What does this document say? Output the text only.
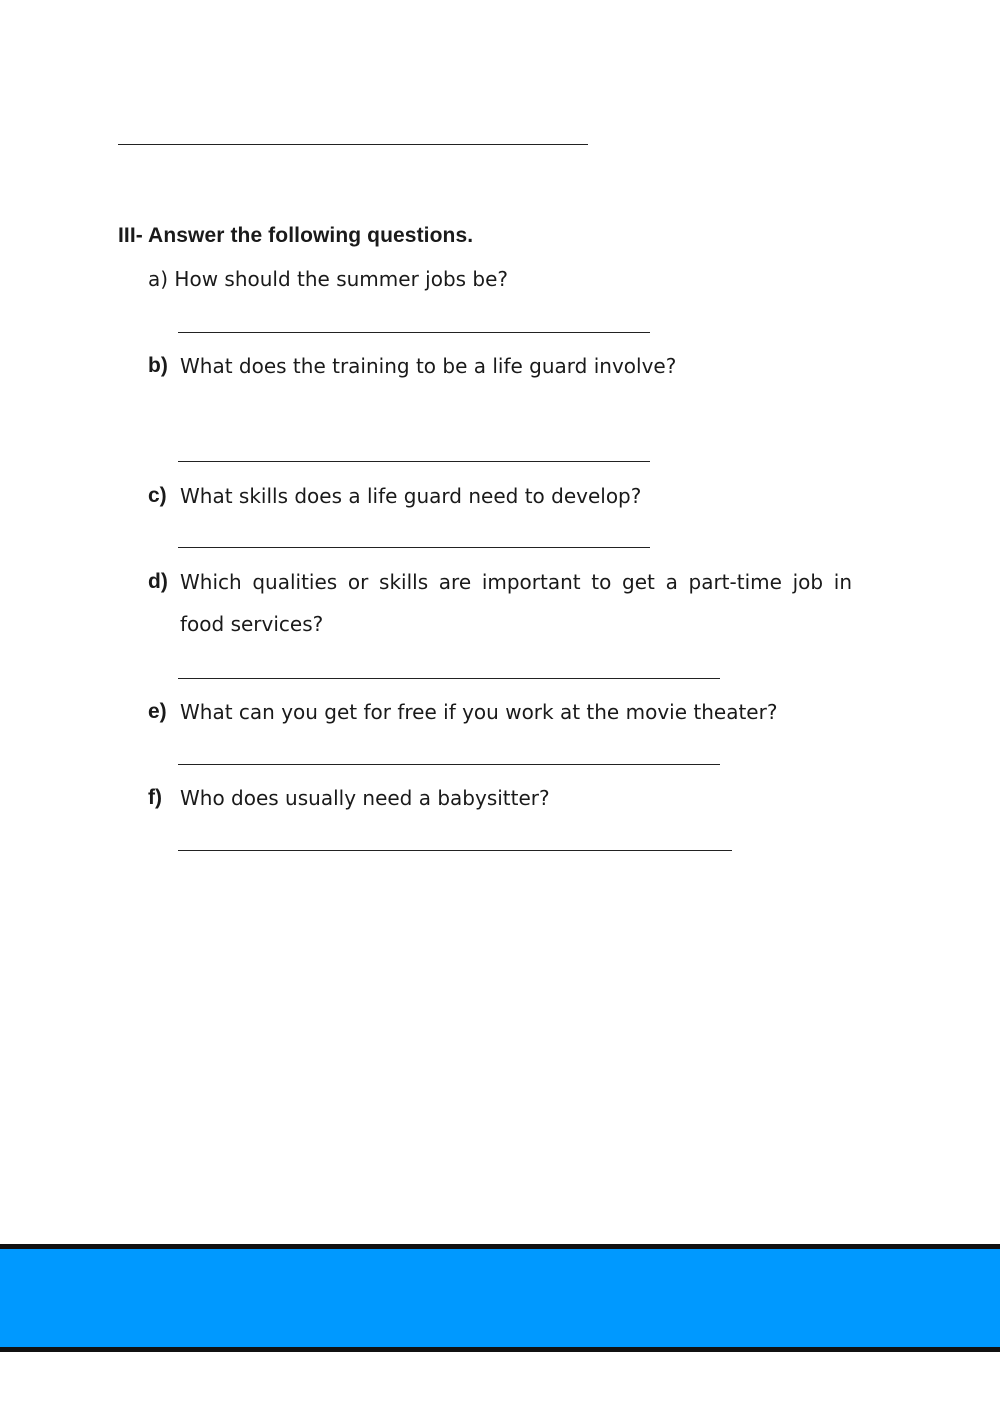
III- Answer the following questions.
a) How should the summer jobs be?
b) What does the training to be a life guard involve?
c) What skills does a life guard need to develop?
d) Which qualities or skills are important to get a part-time job in food services?
e) What can you get for free if you work at the movie theater?
f) Who does usually need a babysitter?
